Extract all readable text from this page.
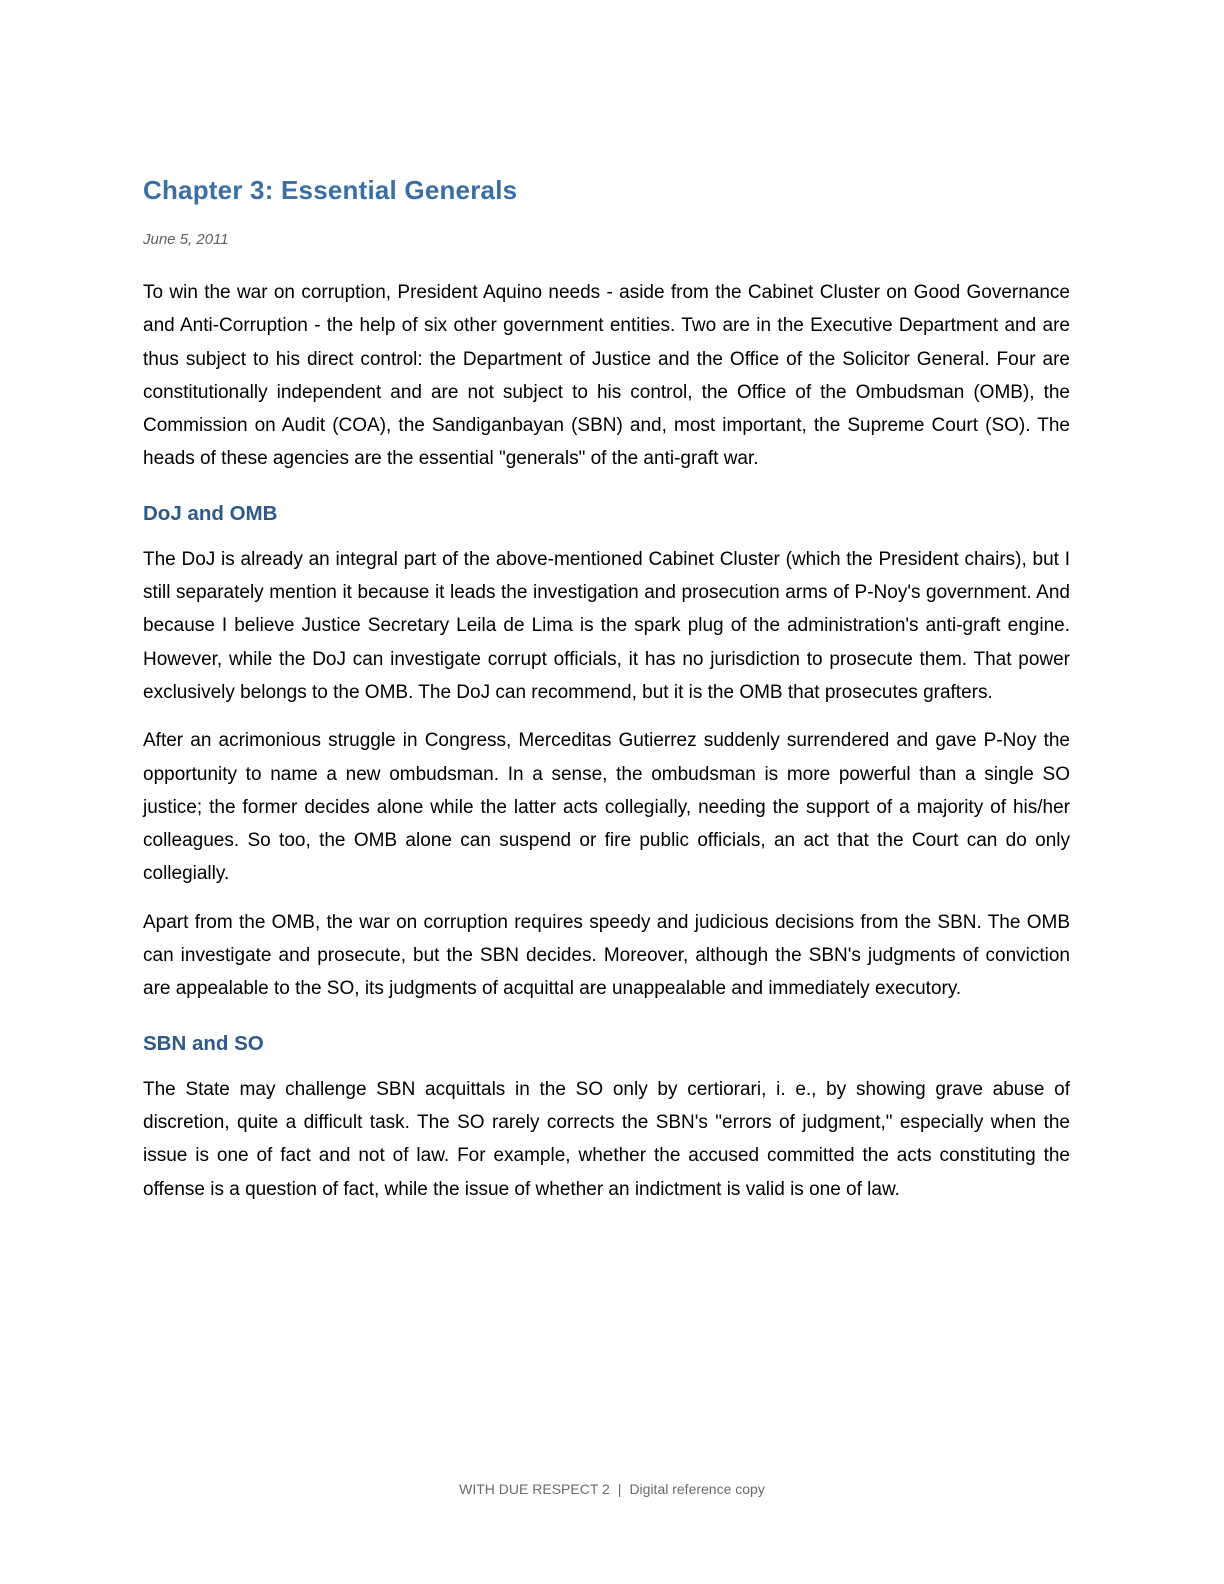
Chapter 3: Essential Generals
June 5, 2011

To win the war on corruption, President Aquino needs - aside from the Cabinet Cluster on Good Governance and Anti-Corruption - the help of six other government entities. Two are in the Executive Department and are thus subject to his direct control: the Department of Justice and the Office of the Solicitor General. Four are constitutionally independent and are not subject to his control, the Office of the Ombudsman (OMB), the Commission on Audit (COA), the Sandiganbayan (SBN) and, most important, the Supreme Court (SO). The heads of these agencies are the essential "generals" of the anti-graft war.

DoJ and OMB

The DoJ is already an integral part of the above-mentioned Cabinet Cluster (which the President chairs), but I still separately mention it because it leads the investigation and prosecution arms of P-Noy's government. And because I believe Justice Secretary Leila de Lima is the spark plug of the administration's anti-graft engine. However, while the DoJ can investigate corrupt officials, it has no jurisdiction to prosecute them. That power exclusively belongs to the OMB. The DoJ can recommend, but it is the OMB that prosecutes grafters.

After an acrimonious struggle in Congress, Merceditas Gutierrez suddenly surrendered and gave P-Noy the opportunity to name a new ombudsman. In a sense, the ombudsman is more powerful than a single SO justice; the former decides alone while the latter acts collegially, needing the support of a majority of his/her colleagues. So too, the OMB alone can suspend or fire public officials, an act that the Court can do only collegially.

Apart from the OMB, the war on corruption requires speedy and judicious decisions from the SBN. The OMB can investigate and prosecute, but the SBN decides. Moreover, although the SBN's judgments of conviction are appealable to the SO, its judgments of acquittal are unappealable and immediately executory.

SBN and SO

The State may challenge SBN acquittals in the SO only by certiorari, i. e., by showing grave abuse of discretion, quite a difficult task. The SO rarely corrects the SBN's "errors of judgment," especially when the issue is one of fact and not of law. For example, whether the accused committed the acts constituting the offense is a question of fact, while the issue of whether an indictment is valid is one of law.

WITH DUE RESPECT 2 | Digital reference copy
